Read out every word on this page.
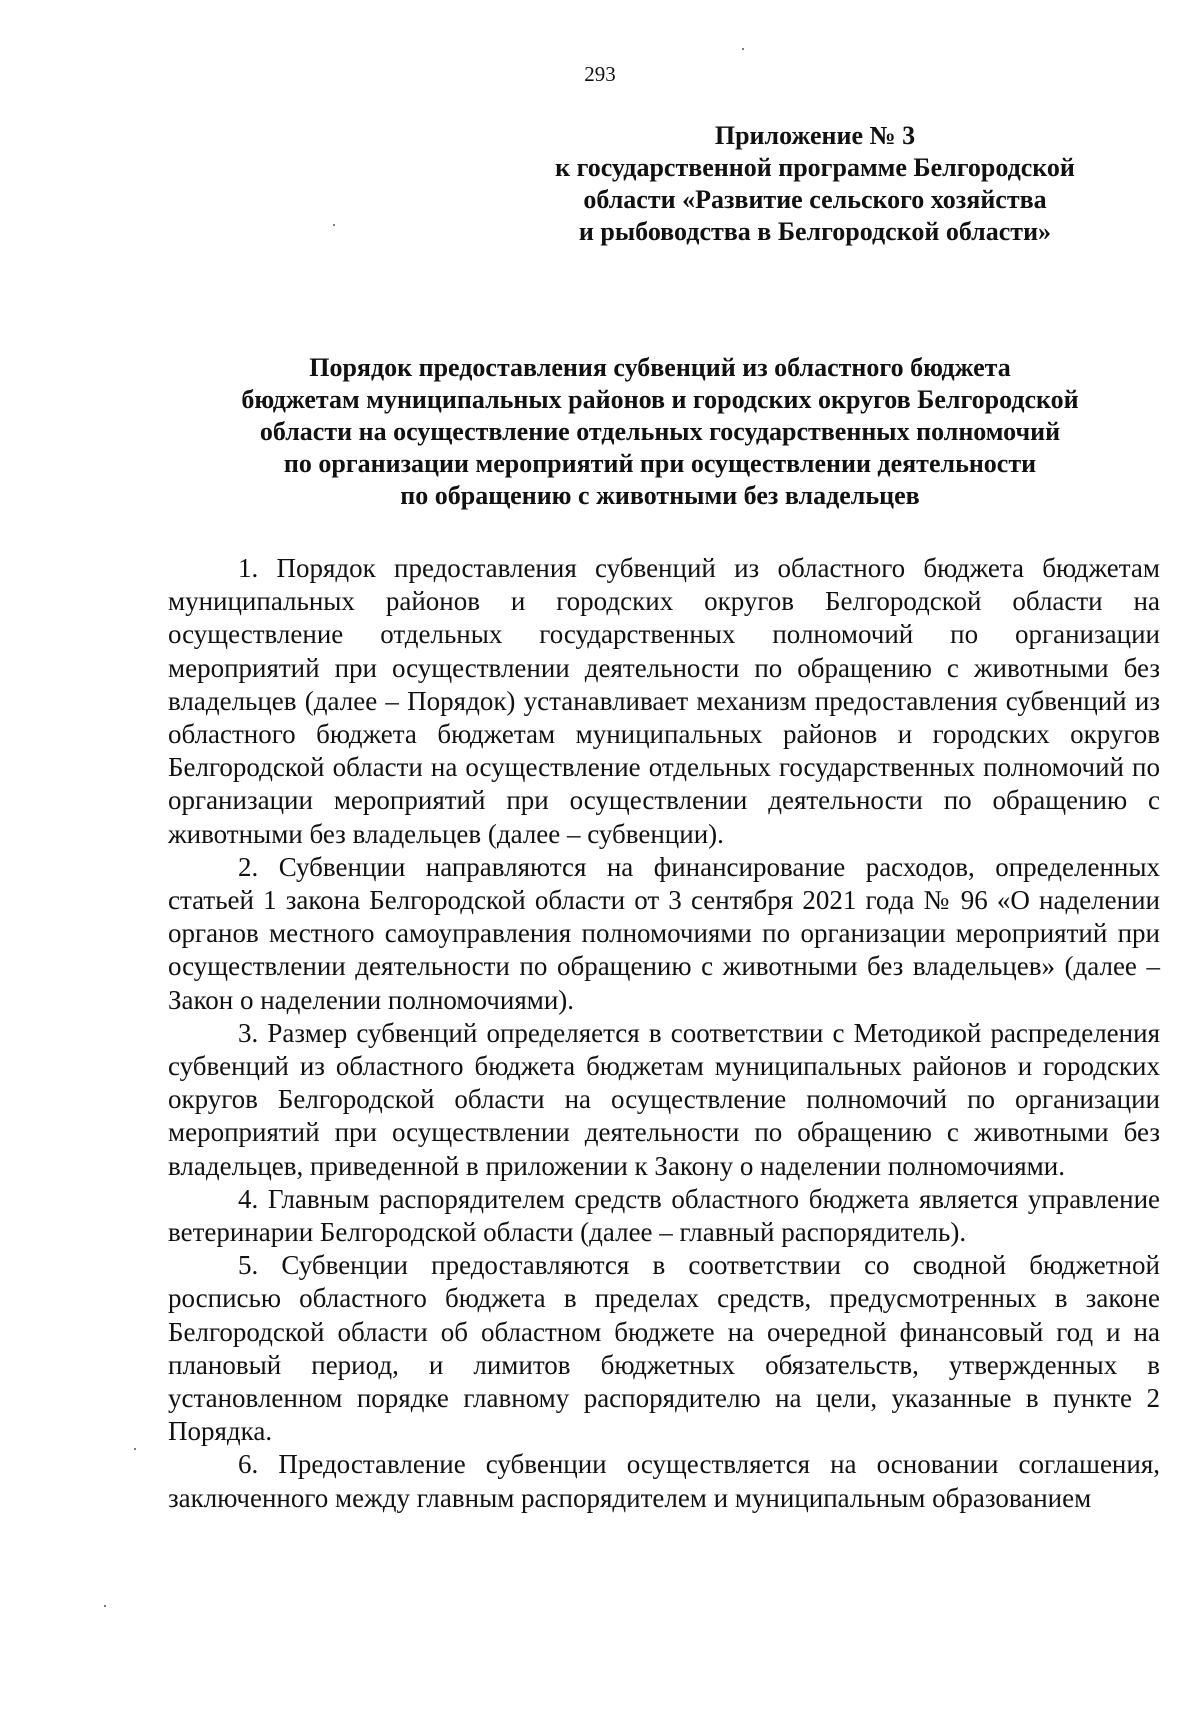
293
Приложение № 3
к государственной программе Белгородской
области «Развитие сельского хозяйства
и рыбоводства в Белгородской области»
Порядок предоставления субвенций из областного бюджета
бюджетам муниципальных районов и городских округов Белгородской
области на осуществление отдельных государственных полномочий
по организации мероприятий при осуществлении деятельности
по обращению с животными без владельцев

1. Порядок предоставления субвенций из областного бюджета бюджетам муниципальных районов и городских округов Белгородской области на осуществление отдельных государственных полномочий по организации мероприятий при осуществлении деятельности по обращению с животными без владельцев (далее – Порядок) устанавливает механизм предоставления субвенций из областного бюджета бюджетам муниципальных районов и городских округов Белгородской области на осуществление отдельных государственных полномочий по организации мероприятий при осуществлении деятельности по обращению с животными без владельцев (далее – субвенции).

2. Субвенции направляются на финансирование расходов, определенных статьей 1 закона Белгородской области от 3 сентября 2021 года № 96 «О наделении органов местного самоуправления полномочиями по организации мероприятий при осуществлении деятельности по обращению с животными без владельцев» (далее – Закон о наделении полномочиями).

3. Размер субвенций определяется в соответствии с Методикой распределения субвенций из областного бюджета бюджетам муниципальных районов и городских округов Белгородской области на осуществление полномочий по организации мероприятий при осуществлении деятельности по обращению с животными без владельцев, приведенной в приложении к Закону о наделении полномочиями.

4. Главным распорядителем средств областного бюджета является управление ветеринарии Белгородской области (далее – главный распорядитель).

5. Субвенции предоставляются в соответствии со сводной бюджетной росписью областного бюджета в пределах средств, предусмотренных в законе Белгородской области об областном бюджете на очередной финансовый год и на плановый период, и лимитов бюджетных обязательств, утвержденных в установленном порядке главному распорядителю на цели, указанные в пункте 2 Порядка.

6. Предоставление субвенции осуществляется на основании соглашения, заключенного между главным распорядителем и муниципальным образованием
